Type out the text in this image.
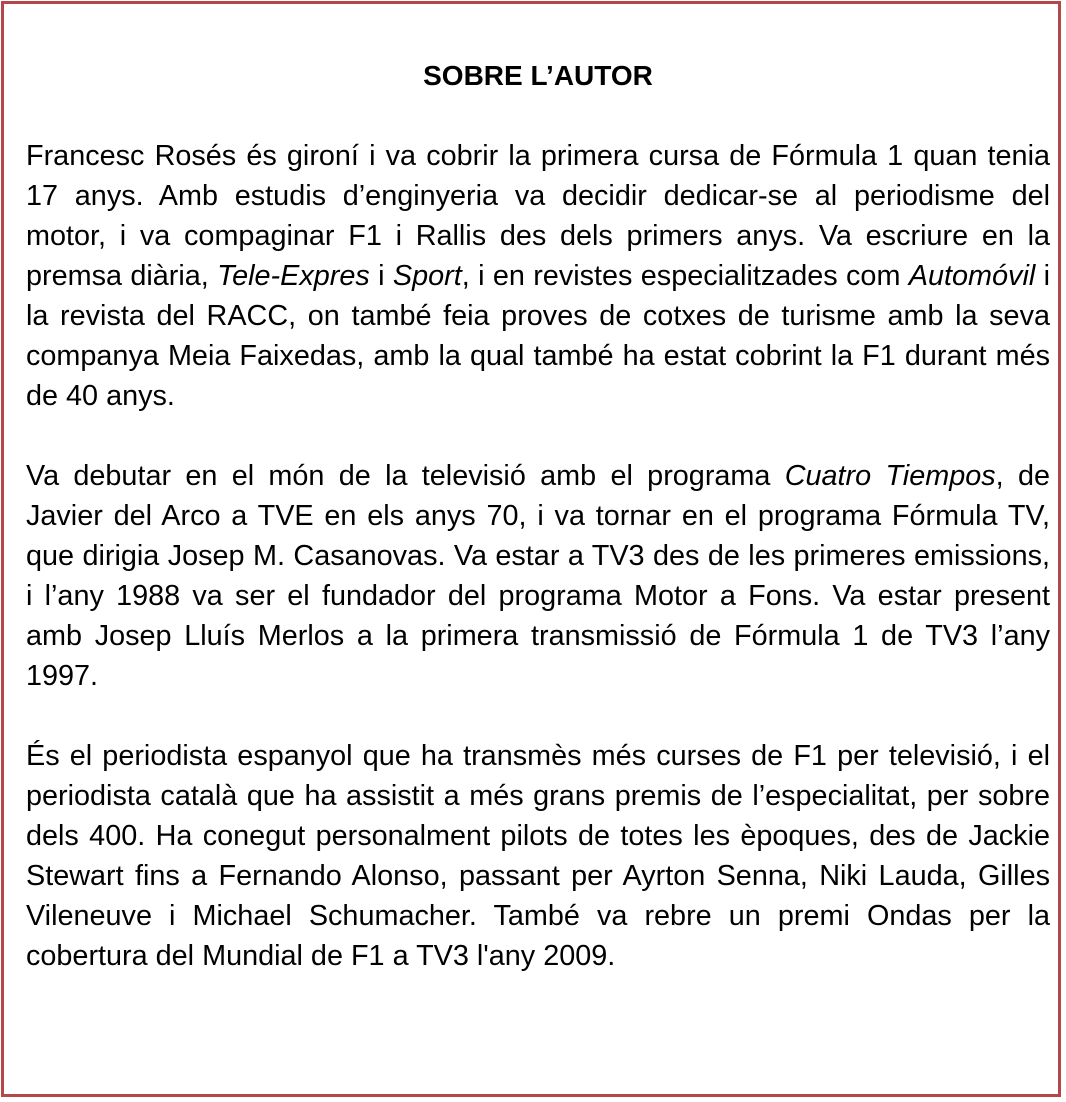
SOBRE L’AUTOR

Francesc Rosés és gironí i va cobrir la primera cursa de Fórmula 1 quan tenia 17 anys. Amb estudis d’enginyeria va decidir dedicar-se al periodisme del motor, i va compaginar F1 i Rallis des dels primers anys. Va escriure en la premsa diària, Tele-Expres i Sport, i en revistes especialitzades com Automóvil i la revista del RACC, on també feia proves de cotxes de turisme amb la seva companya Meia Faixedas, amb la qual també ha estat cobrint la F1 durant més de 40 anys.

Va debutar en el món de la televisió amb el programa Cuatro Tiempos, de Javier del Arco a TVE en els anys 70, i va tornar en el programa Fórmula TV, que dirigia Josep M. Casanovas. Va estar a TV3 des de les primeres emissions, i l’any 1988 va ser el fundador del programa Motor a Fons. Va estar present amb Josep Lluís Merlos a la primera transmissió de Fórmula 1 de TV3 l’any 1997.

És el periodista espanyol que ha transmès més curses de F1 per televisió, i el periodista català que ha assistit a més grans premis de l’especialitat, per sobre dels 400. Ha conegut personalment pilots de totes les èpoques, des de Jackie Stewart fins a Fernando Alonso, passant per Ayrton Senna, Niki Lauda, Gilles Vileneuve i Michael Schumacher. També va rebre un premi Ondas per la cobertura del Mundial de F1 a TV3 l'any 2009.
